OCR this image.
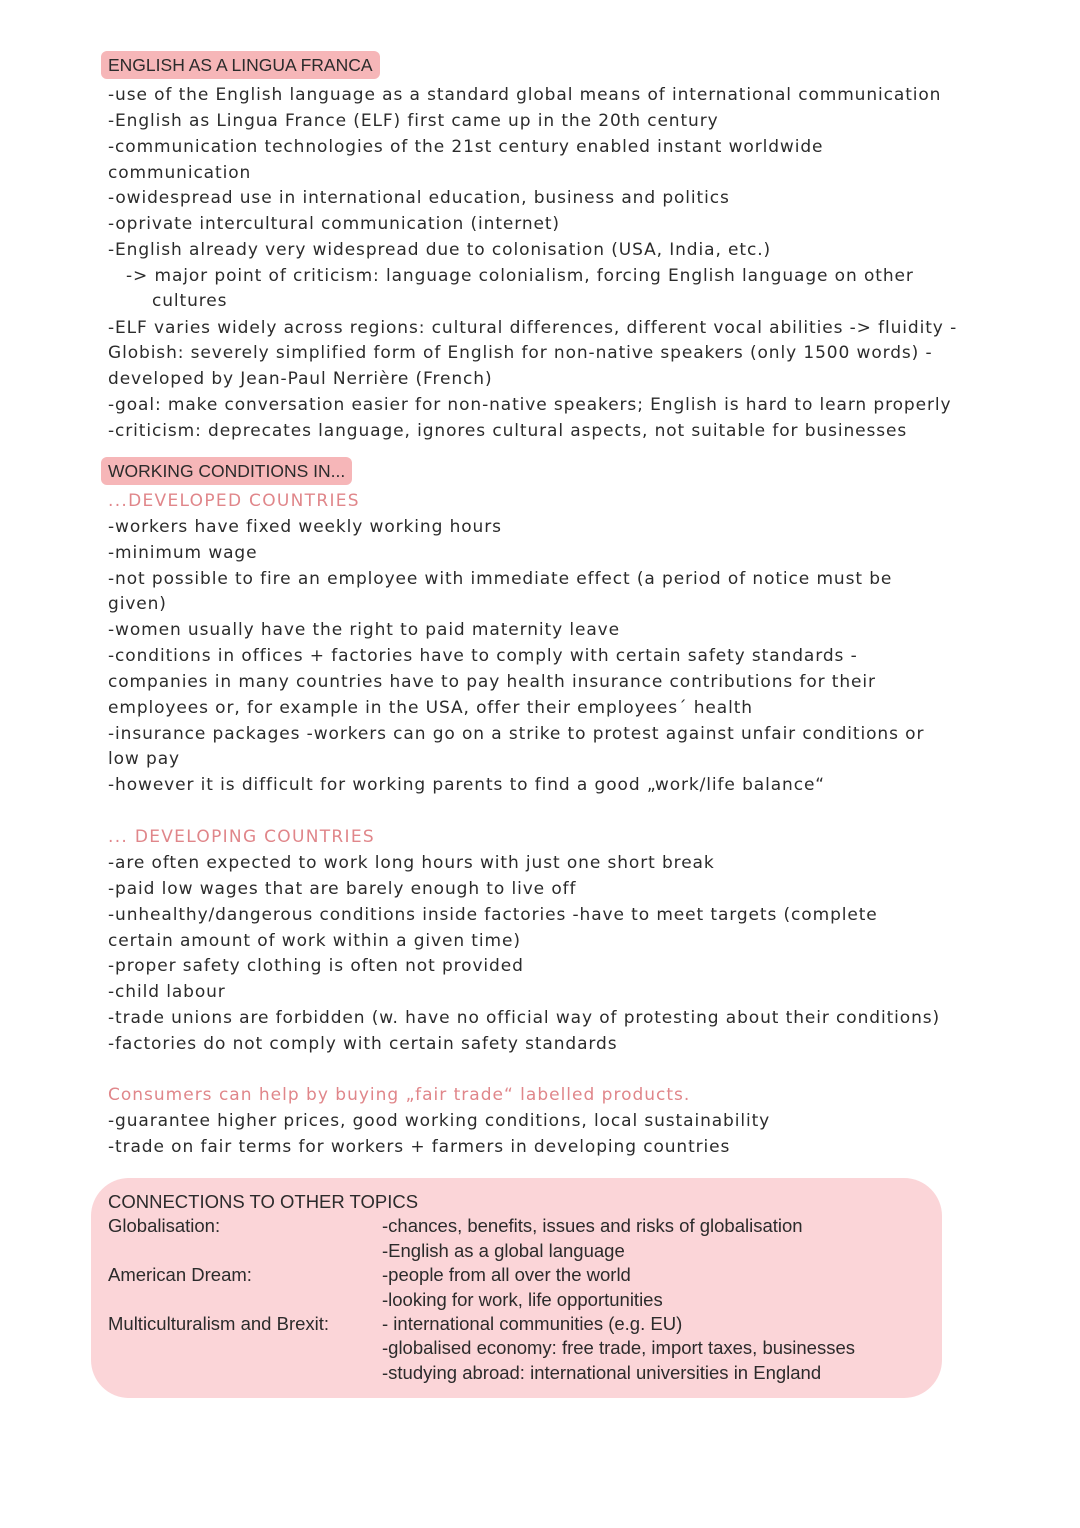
ENGLISH AS A LINGUA FRANCA
-use of the English language as a standard global means of international communication
-English as Lingua France (ELF) first came up in the 20th century
-communication technologies of the 21st century enabled instant worldwide
communication
-owidespread use in international education, business and politics
-oprivate intercultural communication (internet)
-English already very widespread due to colonisation (USA, India, etc.)
-> major point of criticism: language colonialism, forcing English language on other
cultures
-ELF varies widely across regions: cultural differences, different vocal abilities -> fluidity -
Globish: severely simplified form of English for non-native speakers (only 1500 words) -
developed by Jean-Paul Nerrière (French)
-goal: make conversation easier for non-native speakers; English is hard to learn properly
-criticism: deprecates language, ignores cultural aspects, not suitable for businesses
WORKING CONDITIONS IN...
...DEVELOPED COUNTRIES
-workers have fixed weekly working hours
-minimum wage
-not possible to fire an employee with immediate effect (a period of notice must be
given)
-women usually have the right to paid maternity leave
-conditions in offices + factories have to comply with certain safety standards -
companies in many countries have to pay health insurance contributions for their
employees or, for example in the USA, offer their employees´ health
-insurance packages -workers can go on a strike to protest against unfair conditions or
low pay
-however it is difficult for working parents to find a good „work/life balance“
... DEVELOPING COUNTRIES
-are often expected to work long hours with just one short break
-paid low wages that are barely enough to live off
-unhealthy/dangerous conditions inside factories -have to meet targets (complete
certain amount of work within a given time)
-proper safety clothing is often not provided
-child labour
-trade unions are forbidden (w. have no official way of protesting about their conditions)
-factories do not comply with certain safety standards
Consumers can help by buying „fair trade“ labelled products.
-guarantee higher prices, good working conditions, local sustainability
-trade on fair terms for workers + farmers in developing countries
CONNECTIONS TO OTHER TOPICS
Globalisation:	-chances, benefits, issues and risks of globalisation
-English as a global language
American Dream:	-people from all over the world
-looking for work, life opportunities
Multiculturalism and Brexit:	- international communities (e.g. EU)
-globalised economy: free trade, import taxes, businesses
-studying abroad: international universities in England
